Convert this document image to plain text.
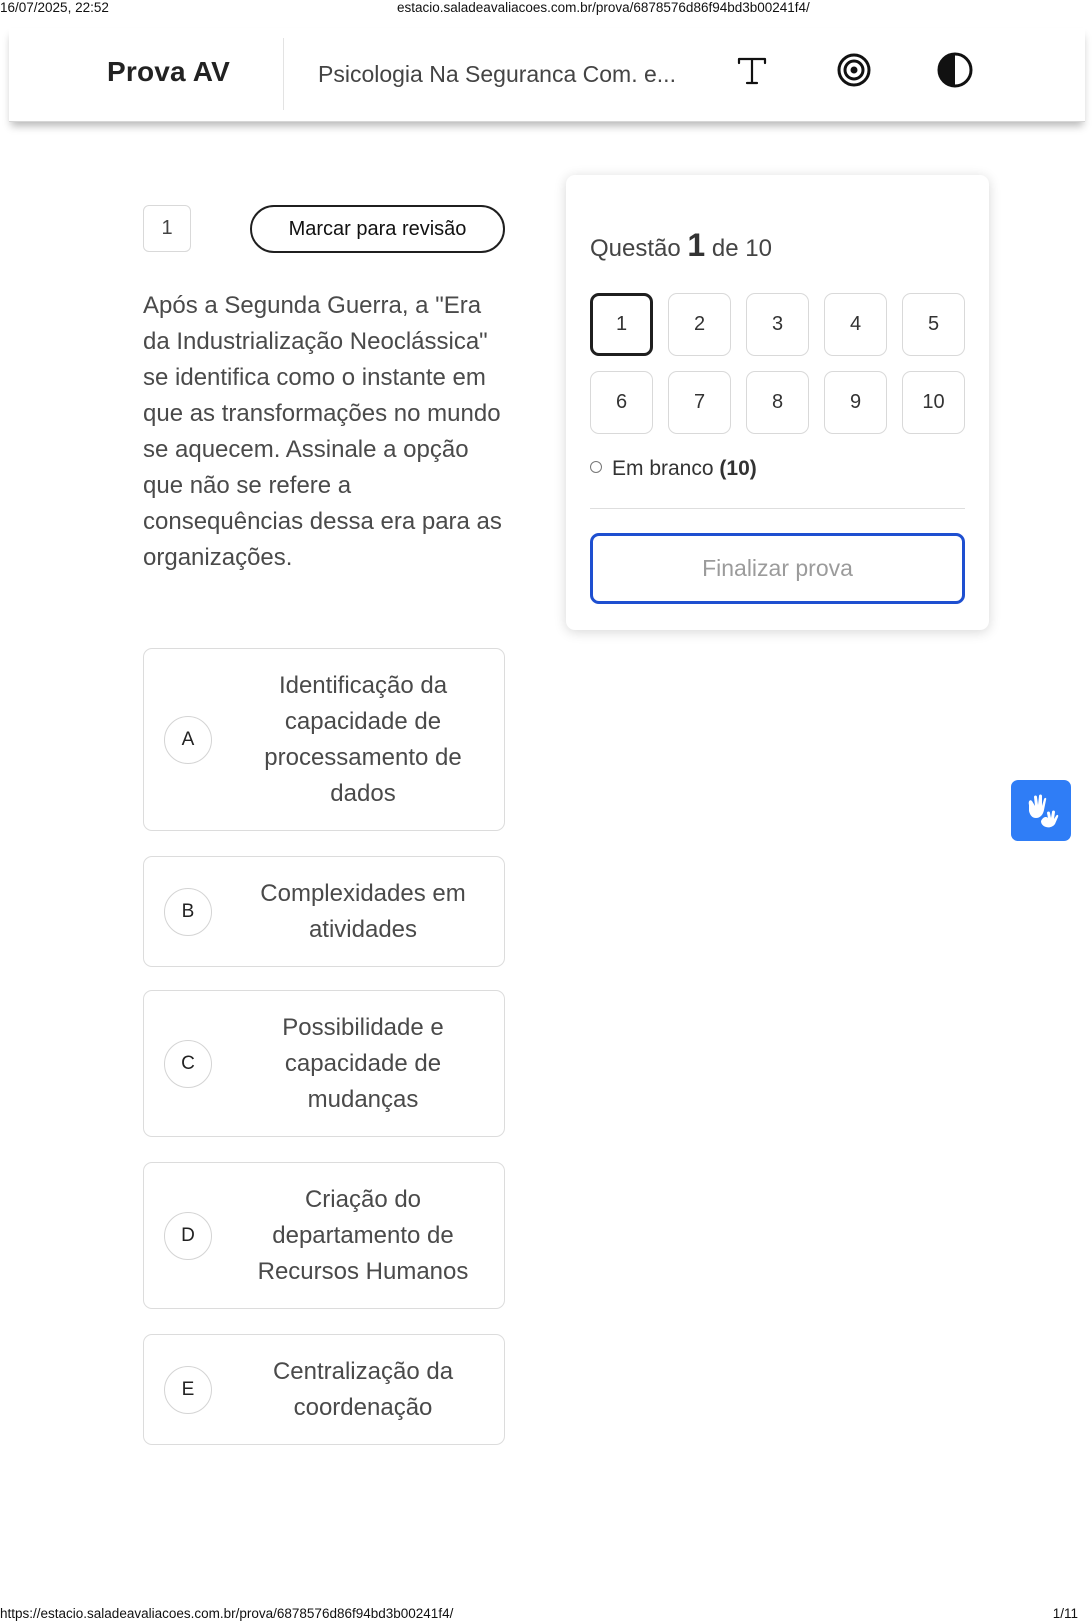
16/07/2025, 22:52	estacio.saladeavaliacoes.com.br/prova/6878576d86f94bd3b00241f4/
Prova AV	Psicologia Na Seguranca Com. e...
1	Marcar para revisão
Após a Segunda Guerra, a "Era da Industrialização Neoclássica" se identifica como o instante em que as transformações no mundo se aquecem. Assinale a opção que não se refere a consequências dessa era para as organizações.
A
Identificação da capacidade de processamento de dados
B
Complexidades em atividades
C
Possibilidade e capacidade de mudanças
D
Criação do departamento de Recursos Humanos
E
Centralização da coordenação
Questão 1 de 10
1	2	3	4	5
6	7	8	9	10
Em branco (10)
Finalizar prova
https://estacio.saladeavaliacoes.com.br/prova/6878576d86f94bd3b00241f4/	1/11
